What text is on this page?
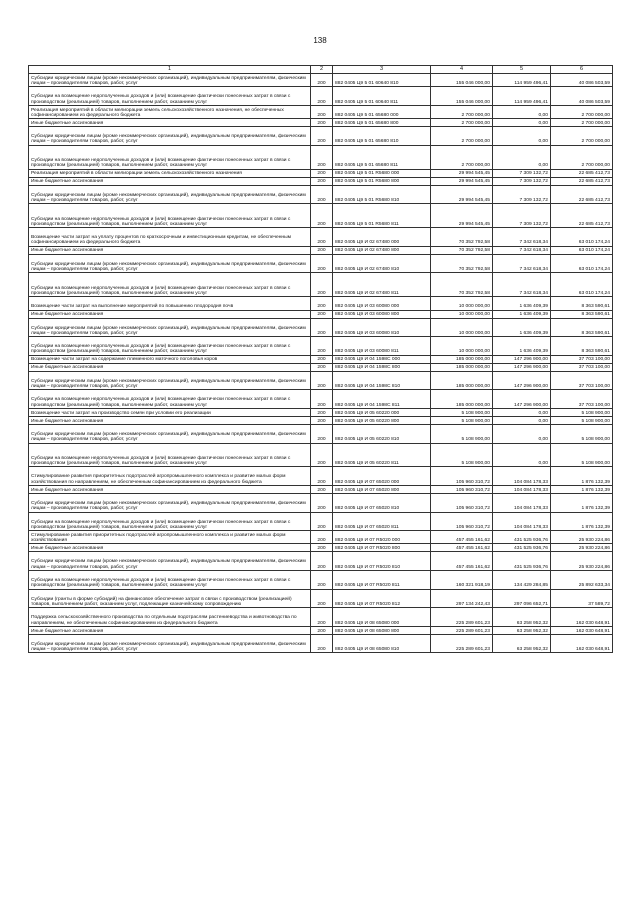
138
1	2	3	4	5	6
Субсидии юридическим лицам (кроме некоммерческих организаций), индивидуальным предпринимателям, физическим лицам – производителям товаров, работ, услуг	200	882 0405 Ц9 5 01 60640 810	155 046 000,00	114 959 496,41	40 086 503,59
Субсидии на возмещение недополученных доходов и (или) возмещение фактически понесенных затрат в связи с производством (реализацией) товаров, выполнением работ, оказанием услуг	200	882 0405 Ц9 5 01 60640 811	155 046 000,00	114 959 496,41	40 086 503,59
Реализация мероприятий в области мелиорации земель сельскохозяйственного назначения, не обеспеченных софинансированием из федерального бюджета	200	882 0405 Ц9 5 01 65680 000	2 700 000,00	0,00	2 700 000,00
Иные бюджетные ассигнования	200	882 0405 Ц9 5 01 65680 800	2 700 000,00	0,00	2 700 000,00
Субсидии юридическим лицам (кроме некоммерческих организаций), индивидуальным предпринимателям, физическим лицам – производителям товаров, работ, услуг	200	882 0405 Ц9 5 01 65680 810	2 700 000,00	0,00	2 700 000,00
Субсидии на возмещение недополученных доходов и (или) возмещение фактически понесенных затрат в связи с производством (реализацией) товаров, выполнением работ, оказанием услуг	200	882 0405 Ц9 5 01 65680 811	2 700 000,00	0,00	2 700 000,00
Реализация мероприятий в области мелиорации земель сельскохозяйственного назначения	200	882 0405 Ц9 5 01 R5680 000	29 994 545,45	7 309 132,72	22 685 412,73
Иные бюджетные ассигнования	200	882 0405 Ц9 5 01 R5680 800	29 994 545,45	7 309 132,72	22 685 412,73
Субсидии юридическим лицам (кроме некоммерческих организаций), индивидуальным предпринимателям, физическим лицам – производителям товаров, работ, услуг	200	882 0405 Ц9 5 01 R5680 810	29 994 545,45	7 309 132,72	22 685 412,73
Субсидии на возмещение недополученных доходов и (или) возмещение фактически понесенных затрат в связи с производством (реализацией) товаров, выполнением работ, оказанием услуг	200	882 0405 Ц9 5 01 R5680 811	29 994 545,45	7 309 132,72	22 685 412,73
Возмещение части затрат на уплату процентов по краткосрочным и инвестиционным кредитам, не обеспеченным софинансированием из федерального бюджета	200	882 0405 Ц9 И 02 67480 000	70 352 792,58	7 342 618,34	63 010 174,24
Иные бюджетные ассигнования	200	882 0405 Ц9 И 02 67480 800	70 352 792,58	7 342 618,34	63 010 174,24
Субсидии юридическим лицам (кроме некоммерческих организаций), индивидуальным предпринимателям, физическим лицам – производителям товаров, работ, услуг	200	882 0405 Ц9 И 02 67480 810	70 352 792,58	7 342 618,34	63 010 174,24
Субсидии на возмещение недополученных доходов и (или) возмещение фактически понесенных затрат в связи с производством (реализацией) товаров, выполнением работ, оказанием услуг	200	882 0405 Ц9 И 02 67480 811	70 352 792,58	7 342 618,34	63 010 174,24
Возмещение части затрат на выполнение мероприятий по повышению плодородия почв	200	882 0405 Ц9 И 03 60080 000	10 000 000,00	1 636 409,39	8 363 590,61
Иные бюджетные ассигнования	200	882 0405 Ц9 И 03 60080 800	10 000 000,00	1 636 409,39	8 363 590,61
Субсидии юридическим лицам (кроме некоммерческих организаций), индивидуальным предпринимателям, физическим лицам – производителям товаров, работ, услуг	200	882 0405 Ц9 И 03 60080 810	10 000 000,00	1 636 409,39	8 363 590,61
Субсидии на возмещение недополученных доходов и (или) возмещение фактически понесенных затрат в связи с производством (реализацией) товаров, выполнением работ, оказанием услуг	200	882 0405 Ц9 И 03 60080 811	10 000 000,00	1 636 409,39	8 363 590,61
Возмещение части затрат на содержание племенного маточного поголовья коров	200	882 0405 Ц9 И 04 1598C 000	185 000 000,00	147 296 900,00	37 703 100,00
Иные бюджетные ассигнования	200	882 0405 Ц9 И 04 1598C 800	185 000 000,00	147 296 900,00	37 703 100,00
Субсидии юридическим лицам (кроме некоммерческих организаций), индивидуальным предпринимателям, физическим лицам – производителям товаров, работ, услуг	200	882 0405 Ц9 И 04 1598C 810	185 000 000,00	147 296 900,00	37 703 100,00
Субсидии на возмещение недополученных доходов и (или) возмещение фактически понесенных затрат в связи с производством (реализацией) товаров, выполнением работ, оказанием услуг	200	882 0405 Ц9 И 04 1598C 811	185 000 000,00	147 296 900,00	37 703 100,00
Возмещение части затрат на производство семян при условии его реализации	200	882 0405 Ц9 И 05 60220 000	5 108 900,00	0,00	5 108 900,00
Иные бюджетные ассигнования	200	882 0405 Ц9 И 05 60220 800	5 108 900,00	0,00	5 108 900,00
Субсидии юридическим лицам (кроме некоммерческих организаций), индивидуальным предпринимателям, физическим лицам – производителям товаров, работ, услуг	200	882 0405 Ц9 И 05 60220 810	5 108 900,00	0,00	5 108 900,00
Субсидии на возмещение недополученных доходов и (или) возмещение фактически понесенных затрат в связи с производством (реализацией) товаров, выполнением работ, оказанием услуг	200	882 0405 Ц9 И 05 60220 811	5 108 900,00	0,00	5 108 900,00
Стимулирование развития приоритетных подотраслей агропромышленного комплекса и развитие малых форм хозяйствования по направлениям, не обеспеченным софинансированием из федерального бюджета	200	882 0405 Ц9 И 07 65020 000	105 960 310,72	104 084 178,33	1 876 132,39
Иные бюджетные ассигнования	200	882 0405 Ц9 И 07 65020 800	105 960 310,72	104 084 178,33	1 876 132,39
Субсидии юридическим лицам (кроме некоммерческих организаций), индивидуальным предпринимателям, физическим лицам – производителям товаров, работ, услуг	200	882 0405 Ц9 И 07 65020 810	105 960 310,72	104 084 178,33	1 876 132,39
Субсидии на возмещение недополученных доходов и (или) возмещение фактически понесенных затрат в связи с производством (реализацией) товаров, выполнением работ, оказанием услуг	200	882 0405 Ц9 И 07 65020 811	105 960 310,72	104 084 178,33	1 876 132,39
Стимулирование развития приоритетных подотраслей агропромышленного комплекса и развитие малых форм хозяйствования	200	882 0405 Ц9 И 07 R5020 000	457 455 161,62	431 525 936,76	25 930 224,86
Иные бюджетные ассигнования	200	882 0405 Ц9 И 07 R5020 800	457 455 161,62	431 525 936,76	25 930 224,86
Субсидии юридическим лицам (кроме некоммерческих организаций), индивидуальным предпринимателям, физическим лицам – производителям товаров, работ, услуг	200	882 0405 Ц9 И 07 R5020 810	457 455 161,62	431 525 936,76	25 930 224,86
Субсидии на возмещение недополученных доходов и (или) возмещение фактически понесенных затрат в связи с производством (реализацией) товаров, выполнением работ, оказанием услуг	200	882 0405 Ц9 И 07 R5020 811	160 321 918,19	134 429 284,85	25 892 633,34
Субсидии (гранты в форме субсидий) на финансовое обеспечение затрат в связи с производством (реализацией) товаров, выполнением работ, оказанием услуг, подлежащие казначейскому сопровождению	200	882 0405 Ц9 И 07 R5020 812	297 134 242,43	297 096 652,71	37 589,72
Поддержка сельскохозяйственного производства по отдельным подотраслям растениеводства и животноводства по направлениям, не обеспеченным софинансированием из федерального бюджета	200	882 0405 Ц9 И 08 65080 000	225 289 601,23	63 258 952,32	162 030 648,91
Иные бюджетные ассигнования	200	882 0405 Ц9 И 08 65080 800	225 289 601,23	63 258 952,32	162 030 648,91
Субсидии юридическим лицам (кроме некоммерческих организаций), индивидуальным предпринимателям, физическим лицам – производителям товаров, работ, услуг	200	882 0405 Ц9 И 08 65080 810	225 289 601,23	63 258 952,32	162 030 648,91
